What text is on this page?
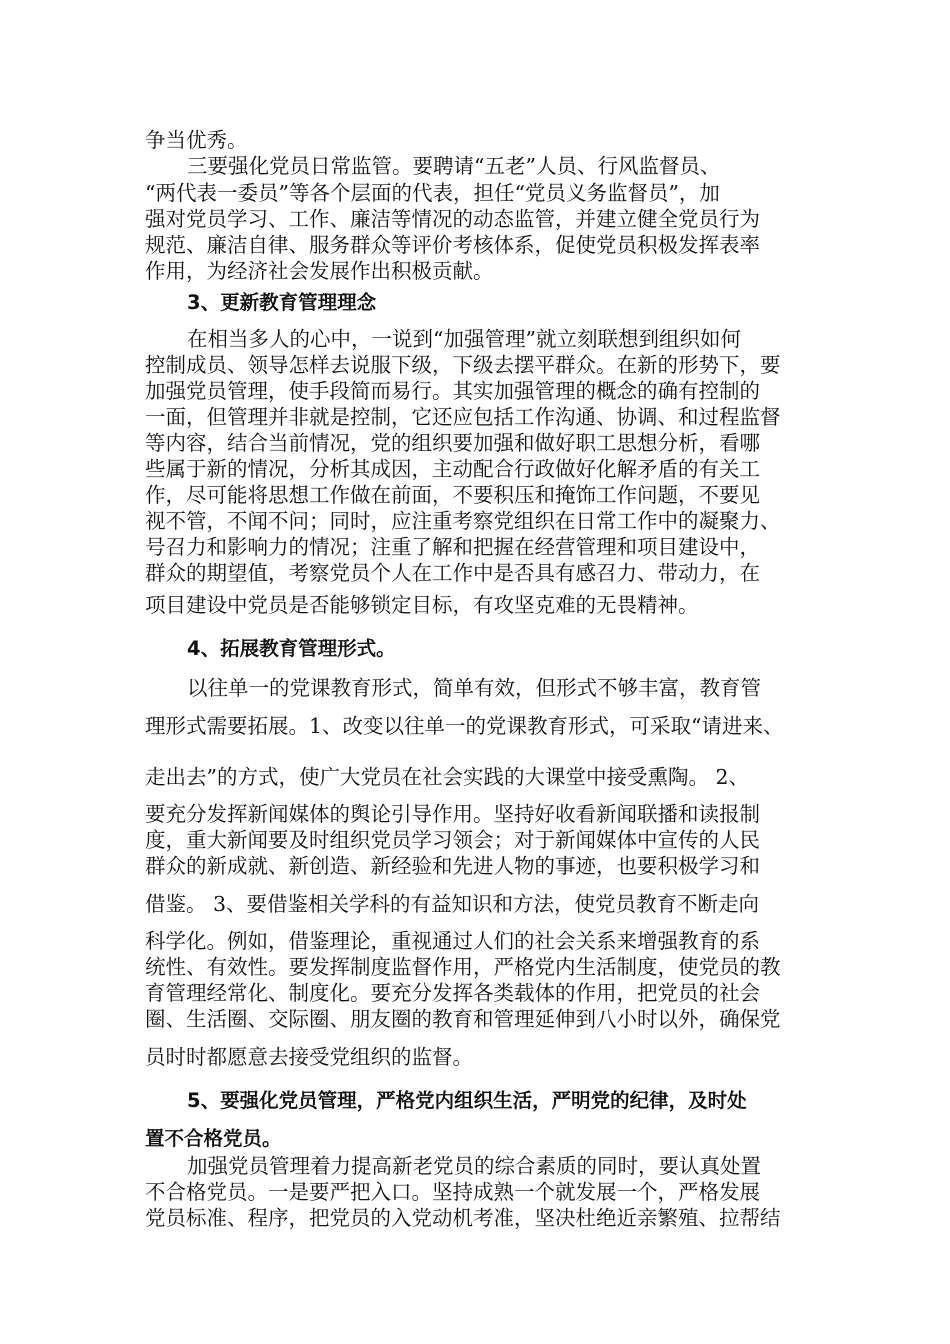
争当优秀。

三要强化党员日常监管。要聘请“五老”人员、行风监督员、

“两代表一委员”等各个层面的代表，担任“党员义务监督员”，加

强对党员学习、工作、廉洁等情况的动态监管，并建立健全党员行为

规范、廉洁自律、服务群众等评价考核体系，促使党员积极发挥表率

作用，为经济社会发展作出积极贡献。

3、更新教育管理理念

在相当多人的心中，一说到“加强管理”就立刻联想到组织如何

控制成员、领导怎样去说服下级，下级去摆平群众。在新的形势下，要

加强党员管理，使手段简而易行。其实加强管理的概念的确有控制的

一面，但管理并非就是控制，它还应包括工作沟通、协调、和过程监督

等内容，结合当前情况，党的组织要加强和做好职工思想分析，看哪

些属于新的情况，分析其成因，主动配合行政做好化解矛盾的有关工

作，尽可能将思想工作做在前面，不要积压和掩饰工作问题，不要见

视不管，不闻不问；同时，应注重考察党组织在日常工作中的凝聚力、

号召力和影响力的情况；注重了解和把握在经营管理和项目建设中，

群众的期望值，考察党员个人在工作中是否具有感召力、带动力，在

项目建设中党员是否能够锁定目标，有攻坚克难的无畏精神。

4、拓展教育管理形式。

以往单一的党课教育形式，简单有效，但形式不够丰富，教育管

理形式需要拓展。1、改变以往单一的党课教育形式，可采取“请进来、

走出去”的方式，使广大党员在社会实践的大课堂中接受熏陶。 2、

要充分发挥新闻媒体的舆论引导作用。坚持好收看新闻联播和读报制

度，重大新闻要及时组织党员学习领会；对于新闻媒体中宣传的人民

群众的新成就、新创造、新经验和先进人物的事迹，也要积极学习和

借鉴。 3、要借鉴相关学科的有益知识和方法，使党员教育不断走向

科学化。例如，借鉴理论，重视通过人们的社会关系来增强教育的系

统性、有效性。要发挥制度监督作用，严格党内生活制度，使党员的教

育管理经常化、制度化。要充分发挥各类载体的作用，把党员的社会

圈、生活圈、交际圈、朋友圈的教育和管理延伸到八小时以外，确保党

员时时都愿意去接受党组织的监督。

5、要强化党员管理，严格党内组织生活，严明党的纪律，及时处

置不合格党员。

加强党员管理着力提高新老党员的综合素质的同时，要认真处置

不合格党员。一是要严把入口。坚持成熟一个就发展一个，严格发展

党员标准、程序，把党员的入党动机考准，坚决杜绝近亲繁殖、拉帮结
